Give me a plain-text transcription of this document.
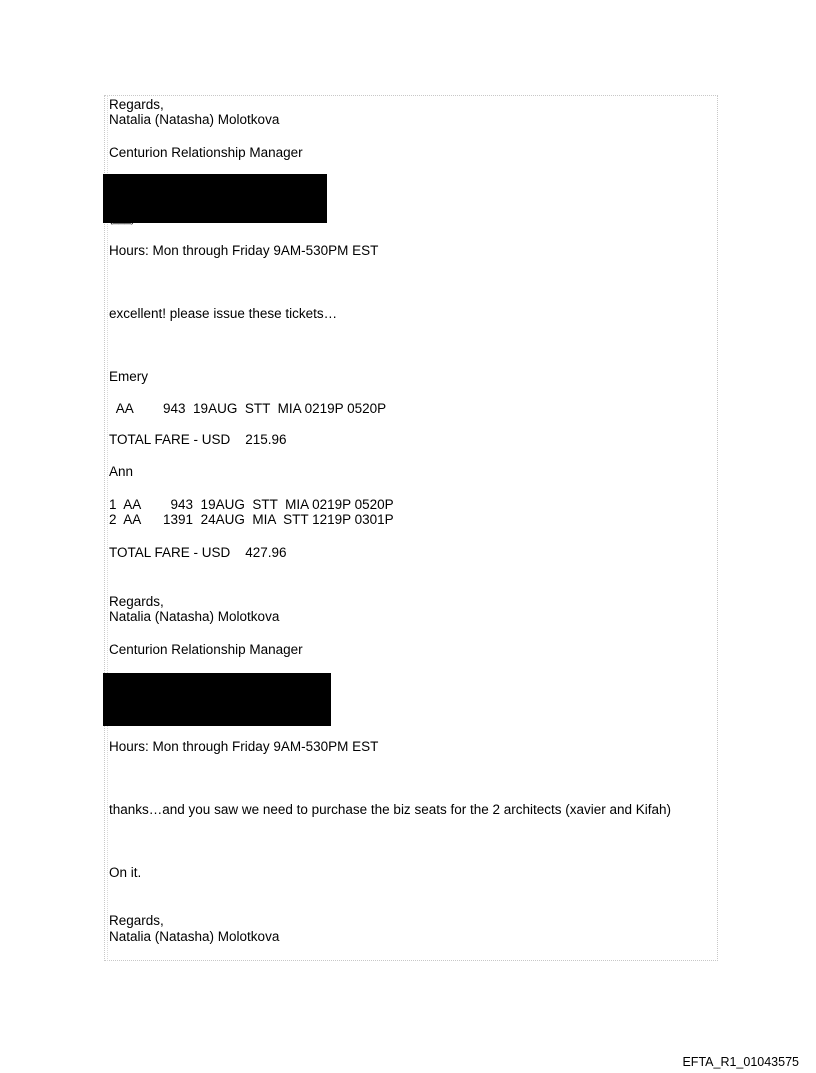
Regards,
Natalia (Natasha) Molotkova
Centurion Relationship Manager
Hours: Mon through Friday 9AM-530PM EST
excellent! please issue these tickets…
Emery
AA        943  19AUG  STT  MIA 0219P 0520P
TOTAL FARE - USD    215.96
Ann
1  AA        943  19AUG  STT  MIA 0219P 0520P
2  AA      1391  24AUG  MIA  STT 1219P 0301P
TOTAL FARE - USD    427.96
Regards,
Natalia (Natasha) Molotkova
Centurion Relationship Manager
Hours: Mon through Friday 9AM-530PM EST
thanks…and you saw we need to purchase the biz seats for the 2 architects (xavier and Kifah)
On it.
Regards,
Natalia (Natasha) Molotkova
EFTA_R1_01043575
